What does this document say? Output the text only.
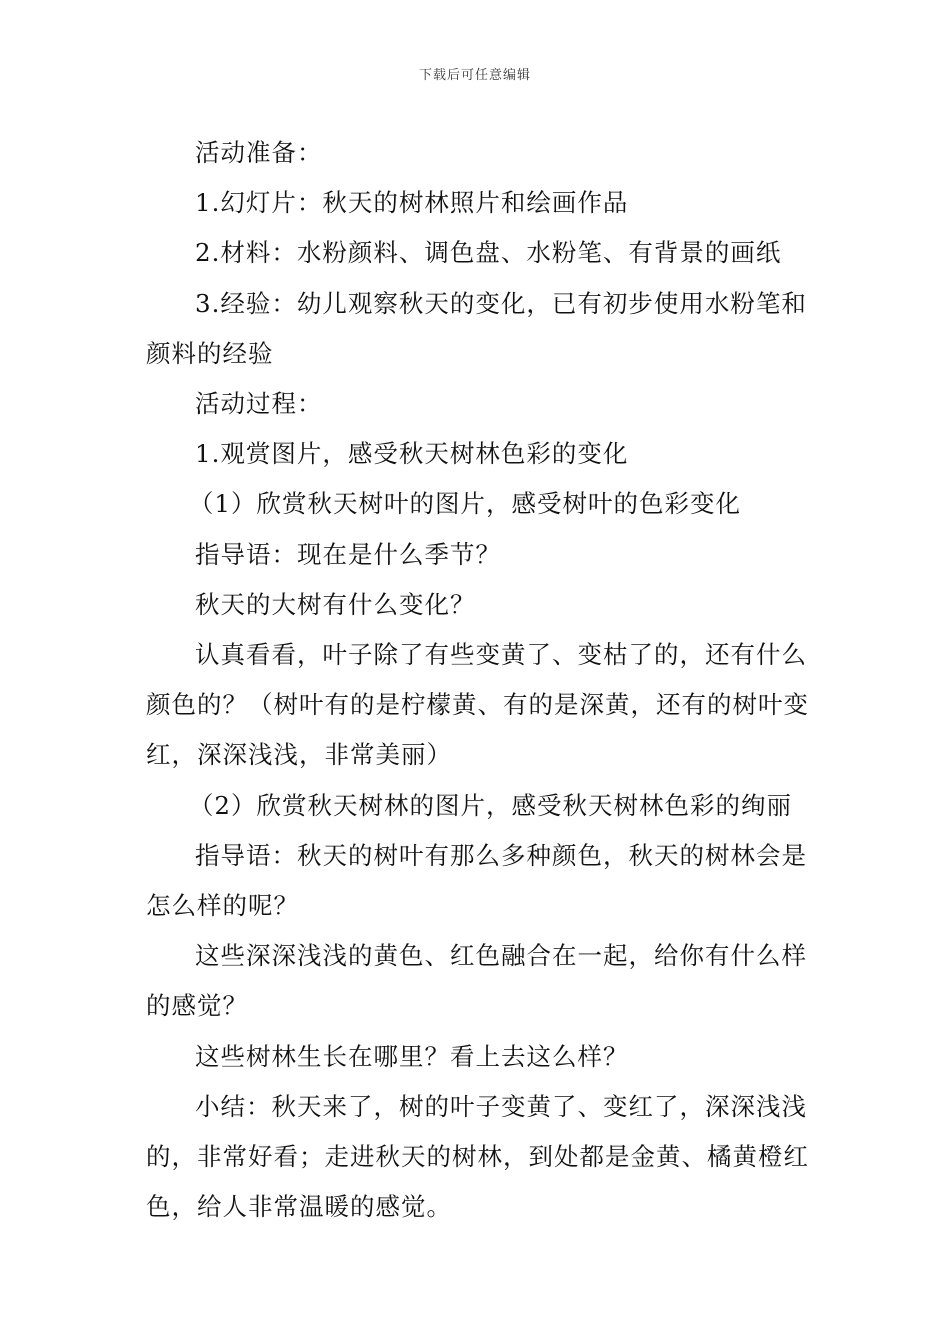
下载后可任意编辑

活动准备：

1.幻灯片：秋天的树林照片和绘画作品

2.材料：水粉颜料、调色盘、水粉笔、有背景的画纸

3.经验：幼儿观察秋天的变化，已有初步使用水粉笔和颜料的经验

活动过程：

1.观赏图片，感受秋天树林色彩的变化

（1）欣赏秋天树叶的图片，感受树叶的色彩变化

指导语：现在是什么季节？

秋天的大树有什么变化？

认真看看，叶子除了有些变黄了、变枯了的，还有什么颜色的？（树叶有的是柠檬黄、有的是深黄，还有的树叶变红，深深浅浅，非常美丽）

（2）欣赏秋天树林的图片，感受秋天树林色彩的绚丽

指导语：秋天的树叶有那么多种颜色，秋天的树林会是怎么样的呢？

这些深深浅浅的黄色、红色融合在一起，给你有什么样的感觉？

这些树林生长在哪里？看上去这么样？

小结：秋天来了，树的叶子变黄了、变红了，深深浅浅的，非常好看；走进秋天的树林，到处都是金黄、橘黄橙红色，给人非常温暖的感觉。
